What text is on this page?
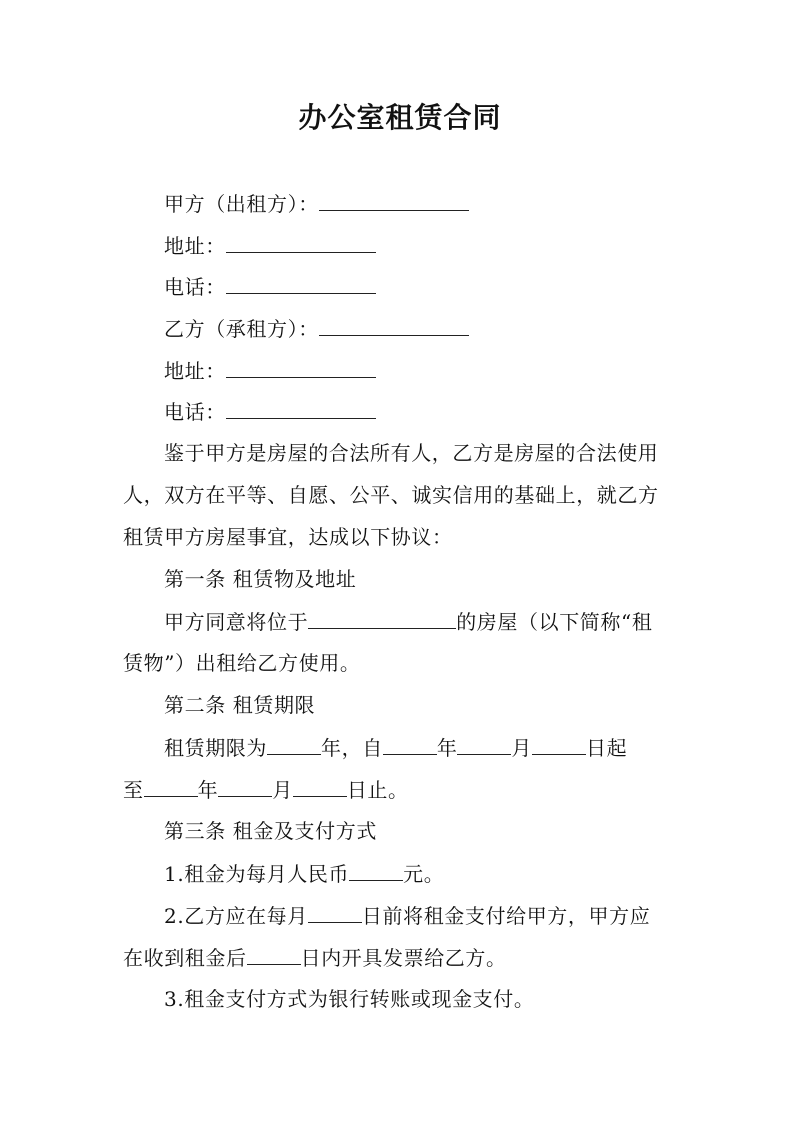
办公室租赁合同
甲方（出租方）：
地址：
电话：
乙方（承租方）：
地址：
电话：
鉴于甲方是房屋的合法所有人，乙方是房屋的合法使用
人，双方在平等、自愿、公平、诚实信用的基础上，就乙方
租赁甲方房屋事宜，达成以下协议：
第一条 租赁物及地址
甲方同意将位于	的房屋（以下简称“租
赁物”）出租给乙方使用。
第二条 租赁期限
租赁期限为	年，自	年	月	日起
至	年	月	日止。
第三条 租金及支付方式
1.租金为每月人民币	元。
2.乙方应在每月	日前将租金支付给甲方，甲方应
在收到租金后	日内开具发票给乙方。
3.租金支付方式为银行转账或现金支付。
